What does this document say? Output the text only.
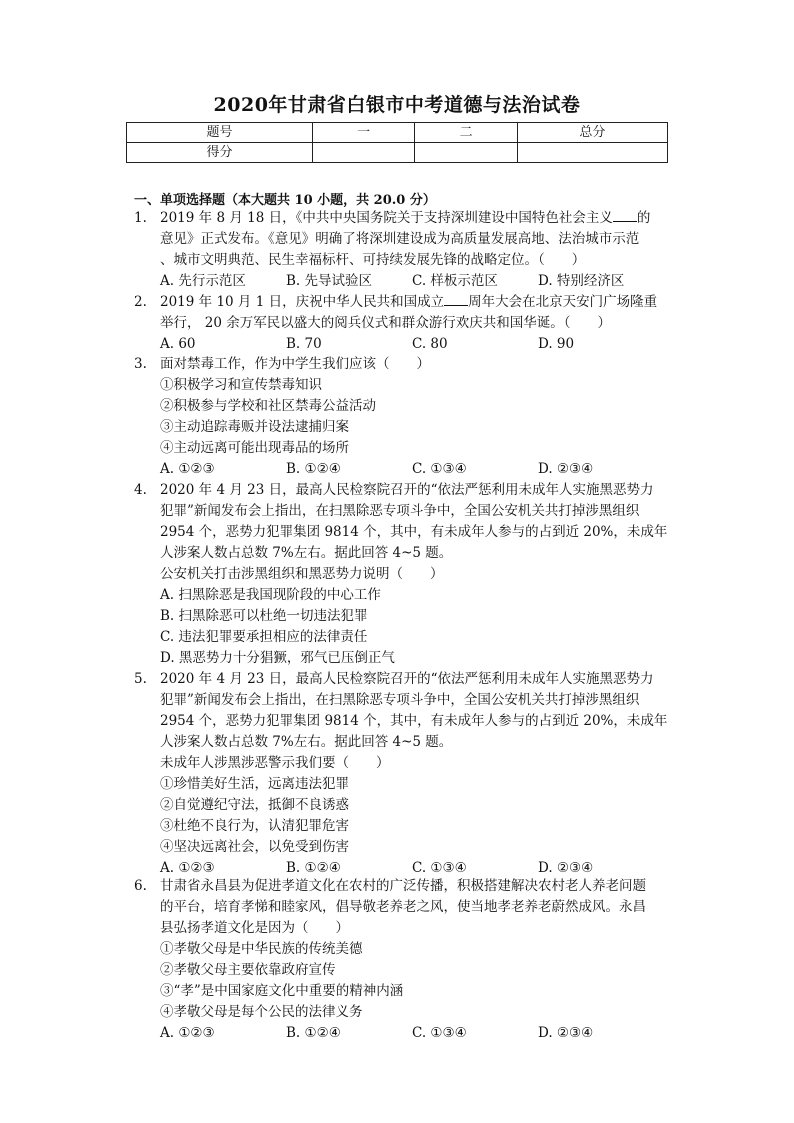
2020年甘肃省白银市中考道德与法治试卷
题号	一	二	总分
得分			
一、单项选择题（本大题共 10 小题，共 20.0 分）
1. 2019 年 8 月 18 日，《中共中央国务院关于支持深圳建设中国特色社会主义 的
意见》正式发布。《意见》明确了将深圳建设成为高质量发展高地、法治城市示范
、城市文明典范、民生幸福标杆、可持续发展先锋的战略定位。（　　）
A. 先行示范区	B. 先导试验区	C. 样板示范区	D. 特别经济区
2. 2019 年 10 月 1 日，庆祝中华人民共和国成立 周年大会在北京天安门广场隆重
举行， 20 余万军民以盛大的阅兵仪式和群众游行欢庆共和国华诞。（　　）
A. 60	B. 70	C. 80	D. 90
3. 面对禁毒工作，作为中学生我们应该（　　）
①积极学习和宣传禁毒知识
②积极参与学校和社区禁毒公益活动
③主动追踪毒贩并设法逮捕归案
④主动远离可能出现毒品的场所
A. ①②③	B. ①②④	C. ①③④	D. ②③④
4. 2020 年 4 月 23 日，最高人民检察院召开的“依法严惩利用未成年人实施黑恶势力
犯罪”新闻发布会上指出，在扫黑除恶专项斗争中，全国公安机关共打掉涉黑组织
2954 个，恶势力犯罪集团 9814 个，其中，有未成年人参与的占到近 20%，未成年
人涉案人数占总数 7%左右。据此回答 4~5 题。
公安机关打击涉黑组织和黑恶势力说明（　　）
A. 扫黑除恶是我国现阶段的中心工作
B. 扫黑除恶可以杜绝一切违法犯罪
C. 违法犯罪要承担相应的法律责任
D. 黑恶势力十分猖獗，邪气已压倒正气
5. 2020 年 4 月 23 日，最高人民检察院召开的“依法严惩利用未成年人实施黑恶势力
犯罪”新闻发布会上指出，在扫黑除恶专项斗争中，全国公安机关共打掉涉黑组织
2954 个，恶势力犯罪集团 9814 个，其中，有未成年人参与的占到近 20%，未成年
人涉案人数占总数 7%左右。据此回答 4~5 题。
未成年人涉黑涉恶警示我们要（　　）
①珍惜美好生活，远离违法犯罪
②自觉遵纪守法，抵御不良诱惑
③杜绝不良行为，认清犯罪危害
④坚决远离社会，以免受到伤害
A. ①②③	B. ①②④	C. ①③④	D. ②③④
6. 甘肃省永昌县为促进孝道文化在农村的广泛传播，积极搭建解决农村老人养老问题
的平台，培育孝悌和睦家风，倡导敬老养老之风，使当地孝老养老蔚然成风。永昌
县弘扬孝道文化是因为（　　）
①孝敬父母是中华民族的传统美德
②孝敬父母主要依靠政府宣传
③“孝”是中国家庭文化中重要的精神内涵
④孝敬父母是每个公民的法律义务
A. ①②③	B. ①②④	C. ①③④	D. ②③④
